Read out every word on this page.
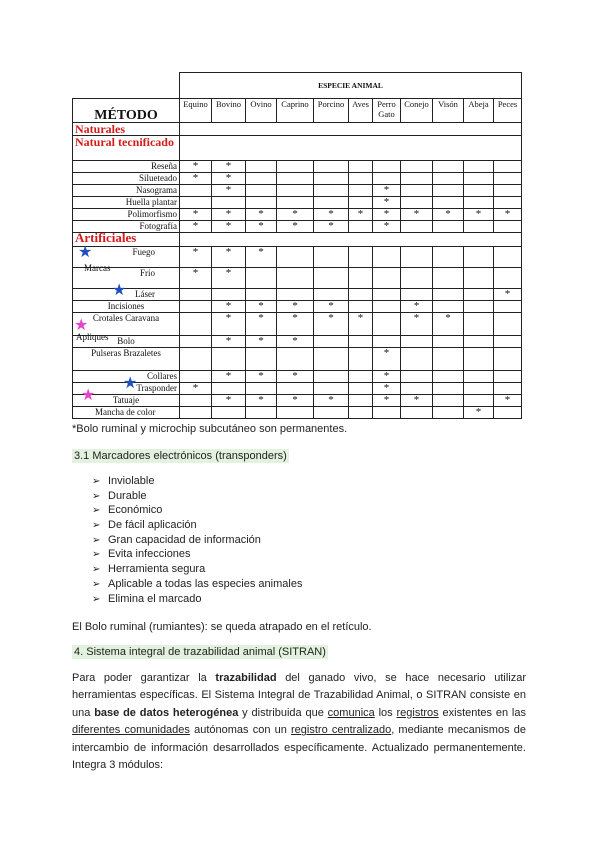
	ESPECIE ANIMAL										
MÉTODO	Equino	Bovino	Ovino	Caprino	Porcino	Aves	Perro Gato	Conejo	Visón	Abeja	Peces
Naturales											
Natural tecnificado											
Reseña	*	*									
Silueteado	*	*									
Nasograma		*					*				
Huella plantar							*				
Polimorfismo	*	*	*	*	*	*	*	*	*	*	*
Fotografía	*	*	*	*	*		*				
Artificiales											
Fuego	*	*	*								
Frío	*	*									
Láser											*
Incisiones		*	*	*	*			*			
Crotales Caravana		*	*	*	*	*		*	*		
Bolo		*	*	*							
Pulseras Brazaletes							*				
Collares		*	*	*			*				
Trasponder	*						*				
Tatuaje		*	*	*	*		*	*			*
Mancha de color										*	
★
Marcas
★
★
Apliques
★
★
*Bolo ruminal y microchip subcutáneo son permanentes.
3.1 Marcadores electrónicos (transponders)
➢ Inviolable
➢ Durable
➢ Económico
➢ De fácil aplicación
➢ Gran capacidad de información
➢ Evita infecciones
➢ Herramienta segura
➢ Aplicable a todas las especies animales
➢ Elimina el marcado
El Bolo ruminal (rumiantes): se queda atrapado en el retículo.
4. Sistema integral de trazabilidad animal (SITRAN)
Para poder garantizar la trazabilidad del ganado vivo, se hace necesario utilizar herramientas específicas. El Sistema Integral de Trazabilidad Animal, o SITRAN consiste en una base de datos heterogénea y distribuida que comunica los registros existentes en las diferentes comunidades autónomas con un registro centralizado, mediante mecanismos de intercambio de información desarrollados específicamente. Actualizado permanentemente. Integra 3 módulos:
